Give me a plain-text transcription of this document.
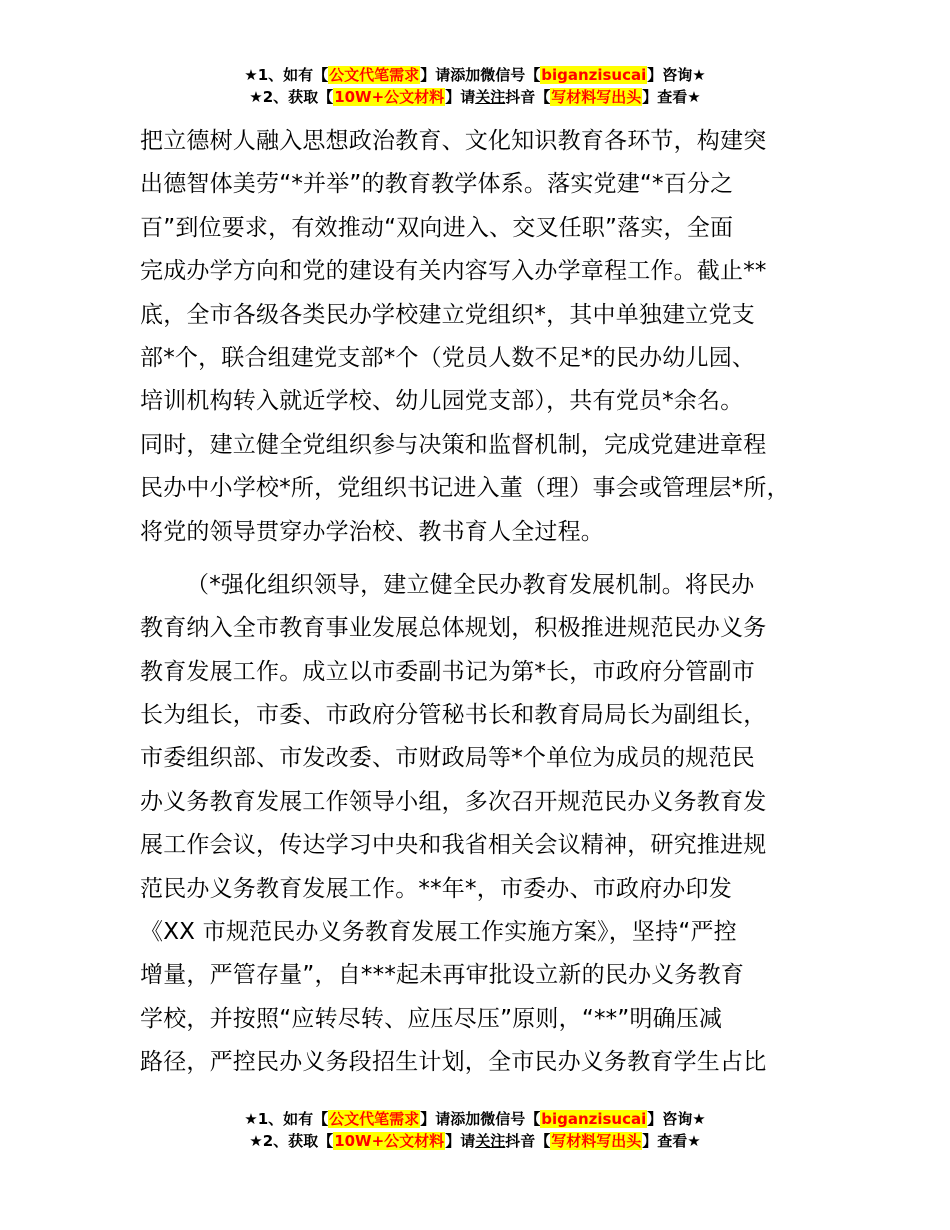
★1、如有【公文代笔需求】请添加微信号【biganzisucai】咨询★
★2、获取【10W+公文材料】请关注抖音【写材料写出头】查看★
把立德树人融入思想政治教育、文化知识教育各环节，构建突
出德智体美劳“*并举”的教育教学体系。落实党建“*百分之
百”到位要求，有效推动“双向进入、交叉任职”落实，全面
完成办学方向和党的建设有关内容写入办学章程工作。截止**
底，全市各级各类民办学校建立党组织*，其中单独建立党支
部*个，联合组建党支部*个（党员人数不足*的民办幼儿园、
培训机构转入就近学校、幼儿园党支部），共有党员*余名。
同时，建立健全党组织参与决策和监督机制，完成党建进章程
民办中小学校*所，党组织书记进入董（理）事会或管理层*所，
将党的领导贯穿办学治校、教书育人全过程。
（*强化组织领导，建立健全民办教育发展机制。将民办
教育纳入全市教育事业发展总体规划，积极推进规范民办义务
教育发展工作。成立以市委副书记为第*长，市政府分管副市
长为组长，市委、市政府分管秘书长和教育局局长为副组长，
市委组织部、市发改委、市财政局等*个单位为成员的规范民
办义务教育发展工作领导小组，多次召开规范民办义务教育发
展工作会议，传达学习中央和我省相关会议精神，研究推进规
范民办义务教育发展工作。**年*，市委办、市政府办印发
《XX 市规范民办义务教育发展工作实施方案》，坚持“严控
增量，严管存量”，自***起未再审批设立新的民办义务教育
学校，并按照“应转尽转、应压尽压”原则，“**”明确压减
路径，严控民办义务段招生计划，全市民办义务教育学生占比
★1、如有【公文代笔需求】请添加微信号【biganzisucai】咨询★
★2、获取【10W+公文材料】请关注抖音【写材料写出头】查看★
